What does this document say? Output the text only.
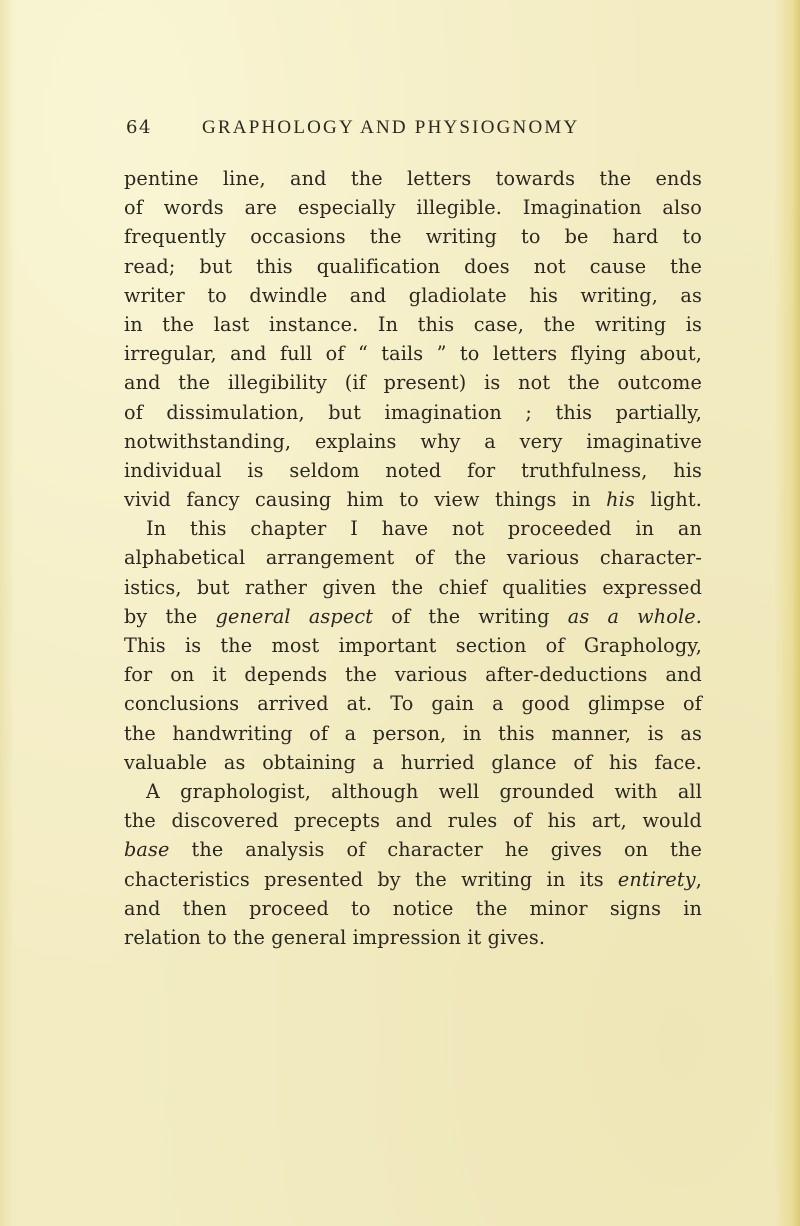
64	GRAPHOLOGY AND PHYSIOGNOMY
pentine line, and the letters towards the ends
of words are especially illegible. Imagination also
frequently occasions the writing to be hard to
read; but this qualification does not cause the
writer to dwindle and gladiolate his writing, as
in the last instance. In this case, the writing is
irregular, and full of “ tails ” to letters flying about,
and the illegibility (if present) is not the outcome
of dissimulation, but imagination ; this partially,
notwithstanding, explains why a very imaginative
individual is seldom noted for truthfulness, his
vivid fancy causing him to view things in his light.
In this chapter I have not proceeded in an
alphabetical arrangement of the various character-
istics, but rather given the chief qualities expressed
by the general aspect of the writing as a whole.
This is the most important section of Graphology,
for on it depends the various after-deductions and
conclusions arrived at. To gain a good glimpse of
the handwriting of a person, in this manner, is as
valuable as obtaining a hurried glance of his face.
A graphologist, although well grounded with all
the discovered precepts and rules of his art, would
base the analysis of character he gives on the
chacteristics presented by the writing in its entirety,
and then proceed to notice the minor signs in
relation to the general impression it gives.
